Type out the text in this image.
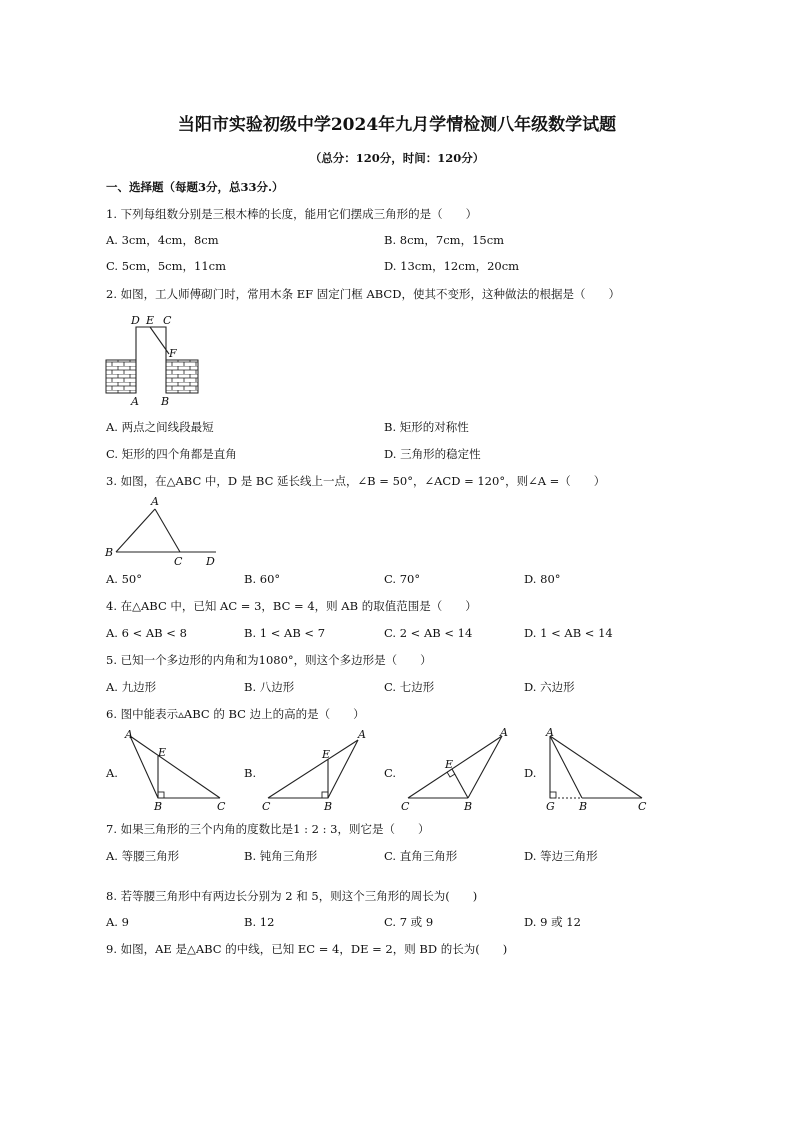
当阳市实验初级中学2024年九月学情检测八年级数学试题
（总分：120分，时间：120分）
一、选择题（每题3分，总33分.）
1. 下列每组数分别是三根木棒的长度，能用它们摆成三角形的是（　　）
A. 3cm，4cm，8cm	B. 8cm，7cm，15cm
C. 5cm，5cm，11cm	D. 13cm，12cm，20cm
2. 如图，工人师傅砌门时，常用木条 EF 固定门框 ABCD，使其不变形，这种做法的根据是（　　）
D E C
F
A B
A. 两点之间线段最短	B. 矩形的对称性
C. 矩形的四个角都是直角	D. 三角形的稳定性
3. 如图，在△ABC 中，D 是 BC 延长线上一点，∠B = 50°，∠ACD = 120°，则∠A =（　　）
A
B
C D
A. 50°	B. 60°	C. 70°	D. 80°
4. 在△ABC 中，已知 AC = 3，BC = 4，则 AB 的取值范围是（　　）
A. 6 < AB < 8	B. 1 < AB < 7	C. 2 < AB < 14	D. 1 < AB < 14
5. 已知一个多边形的内角和为1080°，则这个多边形是（　　）
A. 九边形	B. 八边形	C. 七边形	D. 六边形
6. 图中能表示▵ABC 的 BC 边上的高的是（　　）
A.	B.	C.	D.
A
E
B	C
A
E
C	B
A
E
C	B
A
G B	C
7. 如果三角形的三个内角的度数比是1 : 2 : 3，则它是（　　）
A. 等腰三角形	B. 钝角三角形	C. 直角三角形	D. 等边三角形
8. 若等腰三角形中有两边长分别为 2 和 5，则这个三角形的周长为(　　)
A. 9	B. 12	C. 7 或 9	D. 9 或 12
9. 如图，AE 是△ABC 的中线，已知 EC = 4，DE = 2，则 BD 的长为(　　)
